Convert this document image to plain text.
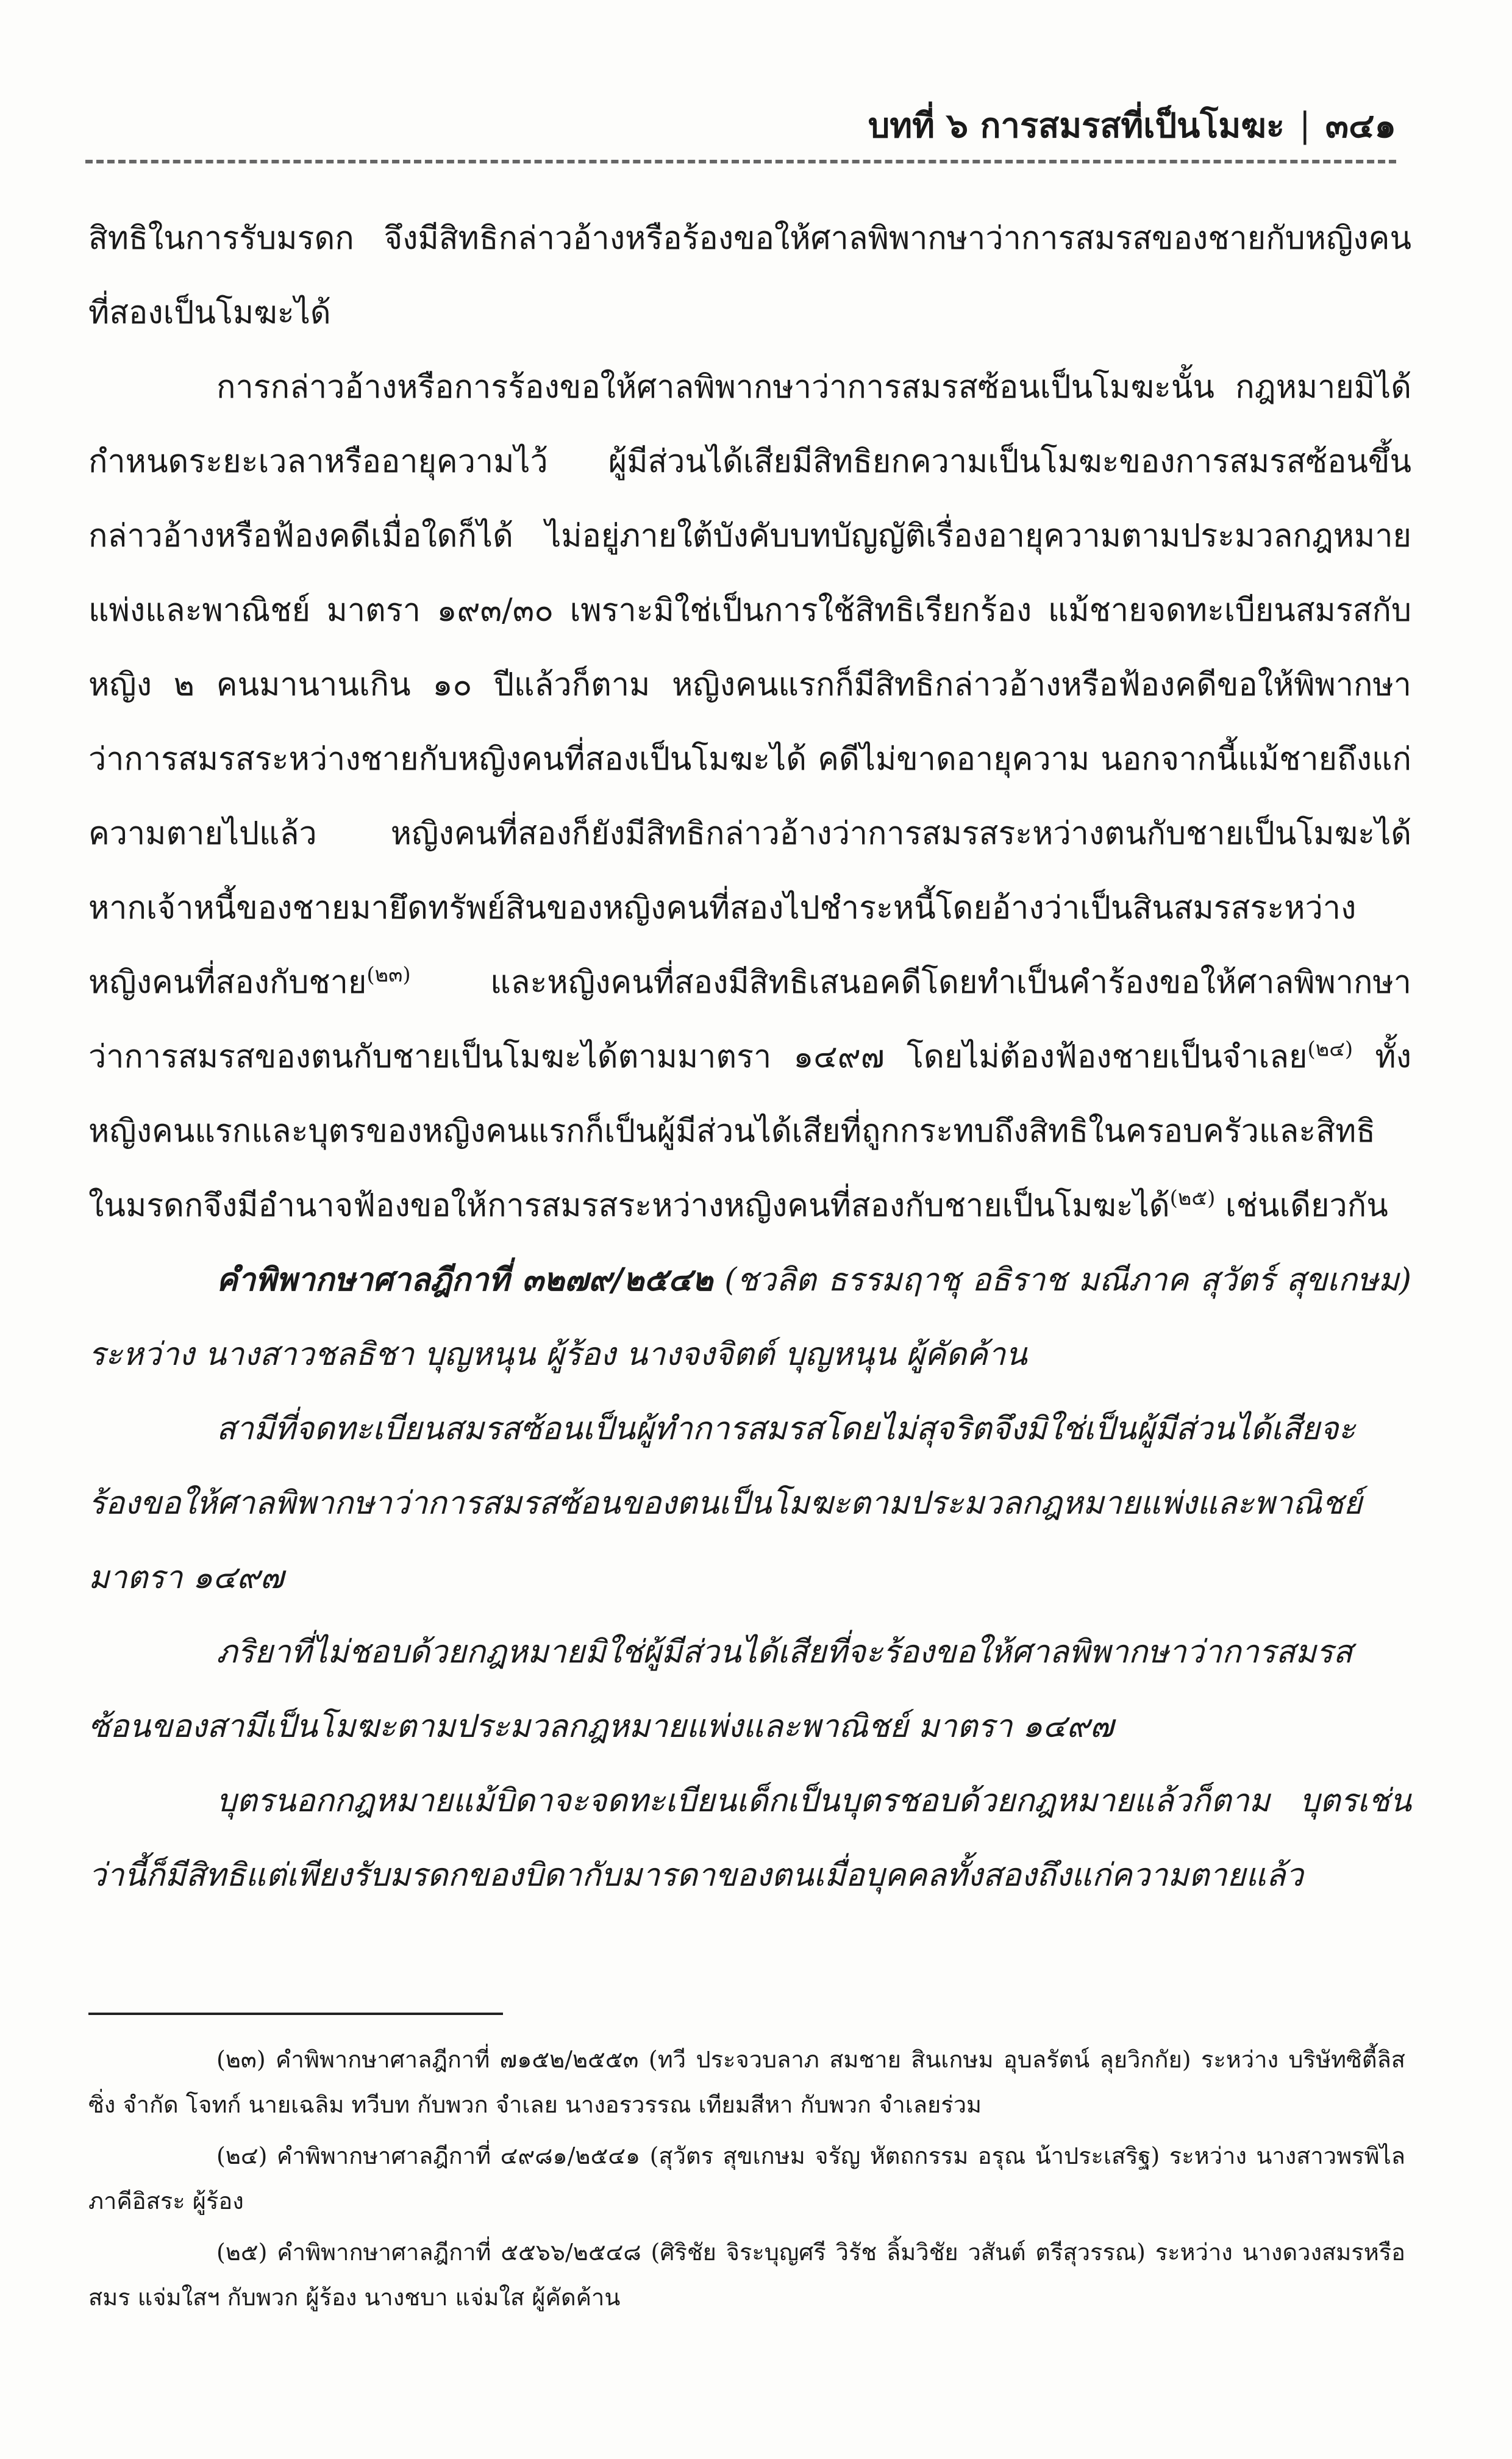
บทที่ ๖ การสมรสที่เป็นโมฆะ | ๓๔๑

สิทธิในการรับมรดก จึงมีสิทธิกล่าวอ้างหรือร้องขอให้ศาลพิพากษาว่าการสมรสของชายกับหญิงคนที่สองเป็นโมฆะได้

การกล่าวอ้างหรือการร้องขอให้ศาลพิพากษาว่าการสมรสซ้อนเป็นโมฆะนั้น กฎหมายมิได้กำหนดระยะเวลาหรืออายุความไว้ ผู้มีส่วนได้เสียมีสิทธิยกความเป็นโมฆะของการสมรสซ้อนขึ้นกล่าวอ้างหรือฟ้องคดีเมื่อใดก็ได้ ไม่อยู่ภายใต้บังคับบทบัญญัติเรื่องอายุความตามประมวลกฎหมายแพ่งและพาณิชย์ มาตรา ๑๙๓/๓๐ เพราะมิใช่เป็นการใช้สิทธิเรียกร้อง แม้ชายจดทะเบียนสมรสกับหญิง ๒ คนมานานเกิน ๑๐ ปีแล้วก็ตาม หญิงคนแรกก็มีสิทธิกล่าวอ้างหรือฟ้องคดีขอให้พิพากษาว่าการสมรสระหว่างชายกับหญิงคนที่สองเป็นโมฆะได้ คดีไม่ขาดอายุความ นอกจากนี้แม้ชายถึงแก่ความตายไปแล้ว หญิงคนที่สองก็ยังมีสิทธิกล่าวอ้างว่าการสมรสระหว่างตนกับชายเป็นโมฆะได้ หากเจ้าหนี้ของชายมายึดทรัพย์สินของหญิงคนที่สองไปชำระหนี้โดยอ้างว่าเป็นสินสมรสระหว่างหญิงคนที่สองกับชาย$^{(๒๓)}$ และหญิงคนที่สองมีสิทธิเสนอคดีโดยทำเป็นคำร้องขอให้ศาลพิพากษาว่าการสมรสของตนกับชายเป็นโมฆะได้ตามมาตรา ๑๔๙๗ โดยไม่ต้องฟ้องชายเป็นจำเลย$^{(๒๔)}$ ทั้งหญิงคนแรกและบุตรของหญิงคนแรกก็เป็นผู้มีส่วนได้เสียที่ถูกกระทบถึงสิทธิในครอบครัวและสิทธิในมรดกจึงมีอำนาจฟ้องขอให้การสมรสระหว่างหญิงคนที่สองกับชายเป็นโมฆะได้$^{(๒๕)}$ เช่นเดียวกัน

คำพิพากษาศาลฎีกาที่ ๓๒๗๙/๒๕๔๒ (ชวลิต ธรรมฤาชุ อธิราช มณีภาค สุวัตร์ สุขเกษม) ระหว่าง นางสาวชลธิชา บุญหนุน ผู้ร้อง นางจงจิตต์ บุญหนุน ผู้คัดค้าน

สามีที่จดทะเบียนสมรสซ้อนเป็นผู้ทำการสมรสโดยไม่สุจริตจึงมิใช่เป็นผู้มีส่วนได้เสียจะร้องขอให้ศาลพิพากษาว่าการสมรสซ้อนของตนเป็นโมฆะตามประมวลกฎหมายแพ่งและพาณิชย์ มาตรา ๑๔๙๗

ภริยาที่ไม่ชอบด้วยกฎหมายมิใช่ผู้มีส่วนได้เสียที่จะร้องขอให้ศาลพิพากษาว่าการสมรสซ้อนของสามีเป็นโมฆะตามประมวลกฎหมายแพ่งและพาณิชย์ มาตรา ๑๔๙๗

บุตรนอกกฎหมายแม้บิดาจะจดทะเบียนเด็กเป็นบุตรชอบด้วยกฎหมายแล้วก็ตาม บุตรเช่นว่านี้ก็มีสิทธิแต่เพียงรับมรดกของบิดากับมารดาของตนเมื่อบุคคลทั้งสองถึงแก่ความตายแล้ว

(๒๓) คำพิพากษาศาลฎีกาที่ ๗๑๕๒/๒๕๕๓ (ทวี ประจวบลาภ สมชาย สินเกษม อุบลรัตน์ ลุยวิกกัย) ระหว่าง บริษัทซิตี้ลิสซิ่ง จำกัด โจทก์ นายเฉลิม ทวีบท กับพวก จำเลย นางอรวรรณ เทียมสีหา กับพวก จำเลยร่วม

(๒๔) คำพิพากษาศาลฎีกาที่ ๔๙๘๑/๒๕๔๑ (สุวัตร สุขเกษม จรัญ หัตถกรรม อรุณ น้าประเสริฐ) ระหว่าง นางสาวพรพิไล ภาคีอิสระ ผู้ร้อง

(๒๕) คำพิพากษาศาลฎีกาที่ ๕๕๖๖/๒๕๔๘ (ศิริชัย จิระบุญศรี วิรัช ลิ้มวิชัย วสันต์ ตรีสุวรรณ) ระหว่าง นางดวงสมรหรือสมร แจ่มใสฯ กับพวก ผู้ร้อง นางชบา แจ่มใส ผู้คัดค้าน
